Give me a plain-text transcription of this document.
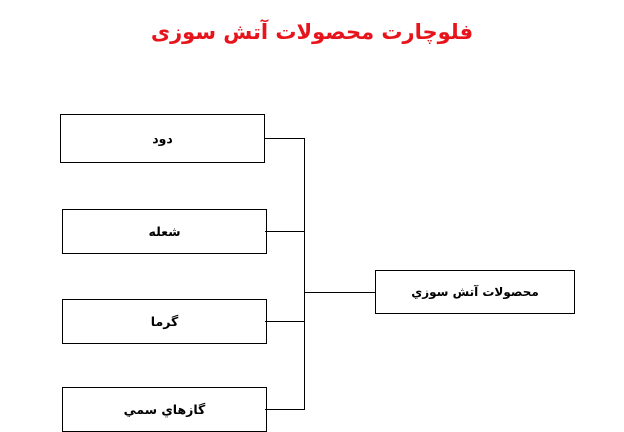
فلوچارت محصولات آتش سوزی
دود
شعله
گرما
گازهاي سمي
محصولات آتش سوزي
